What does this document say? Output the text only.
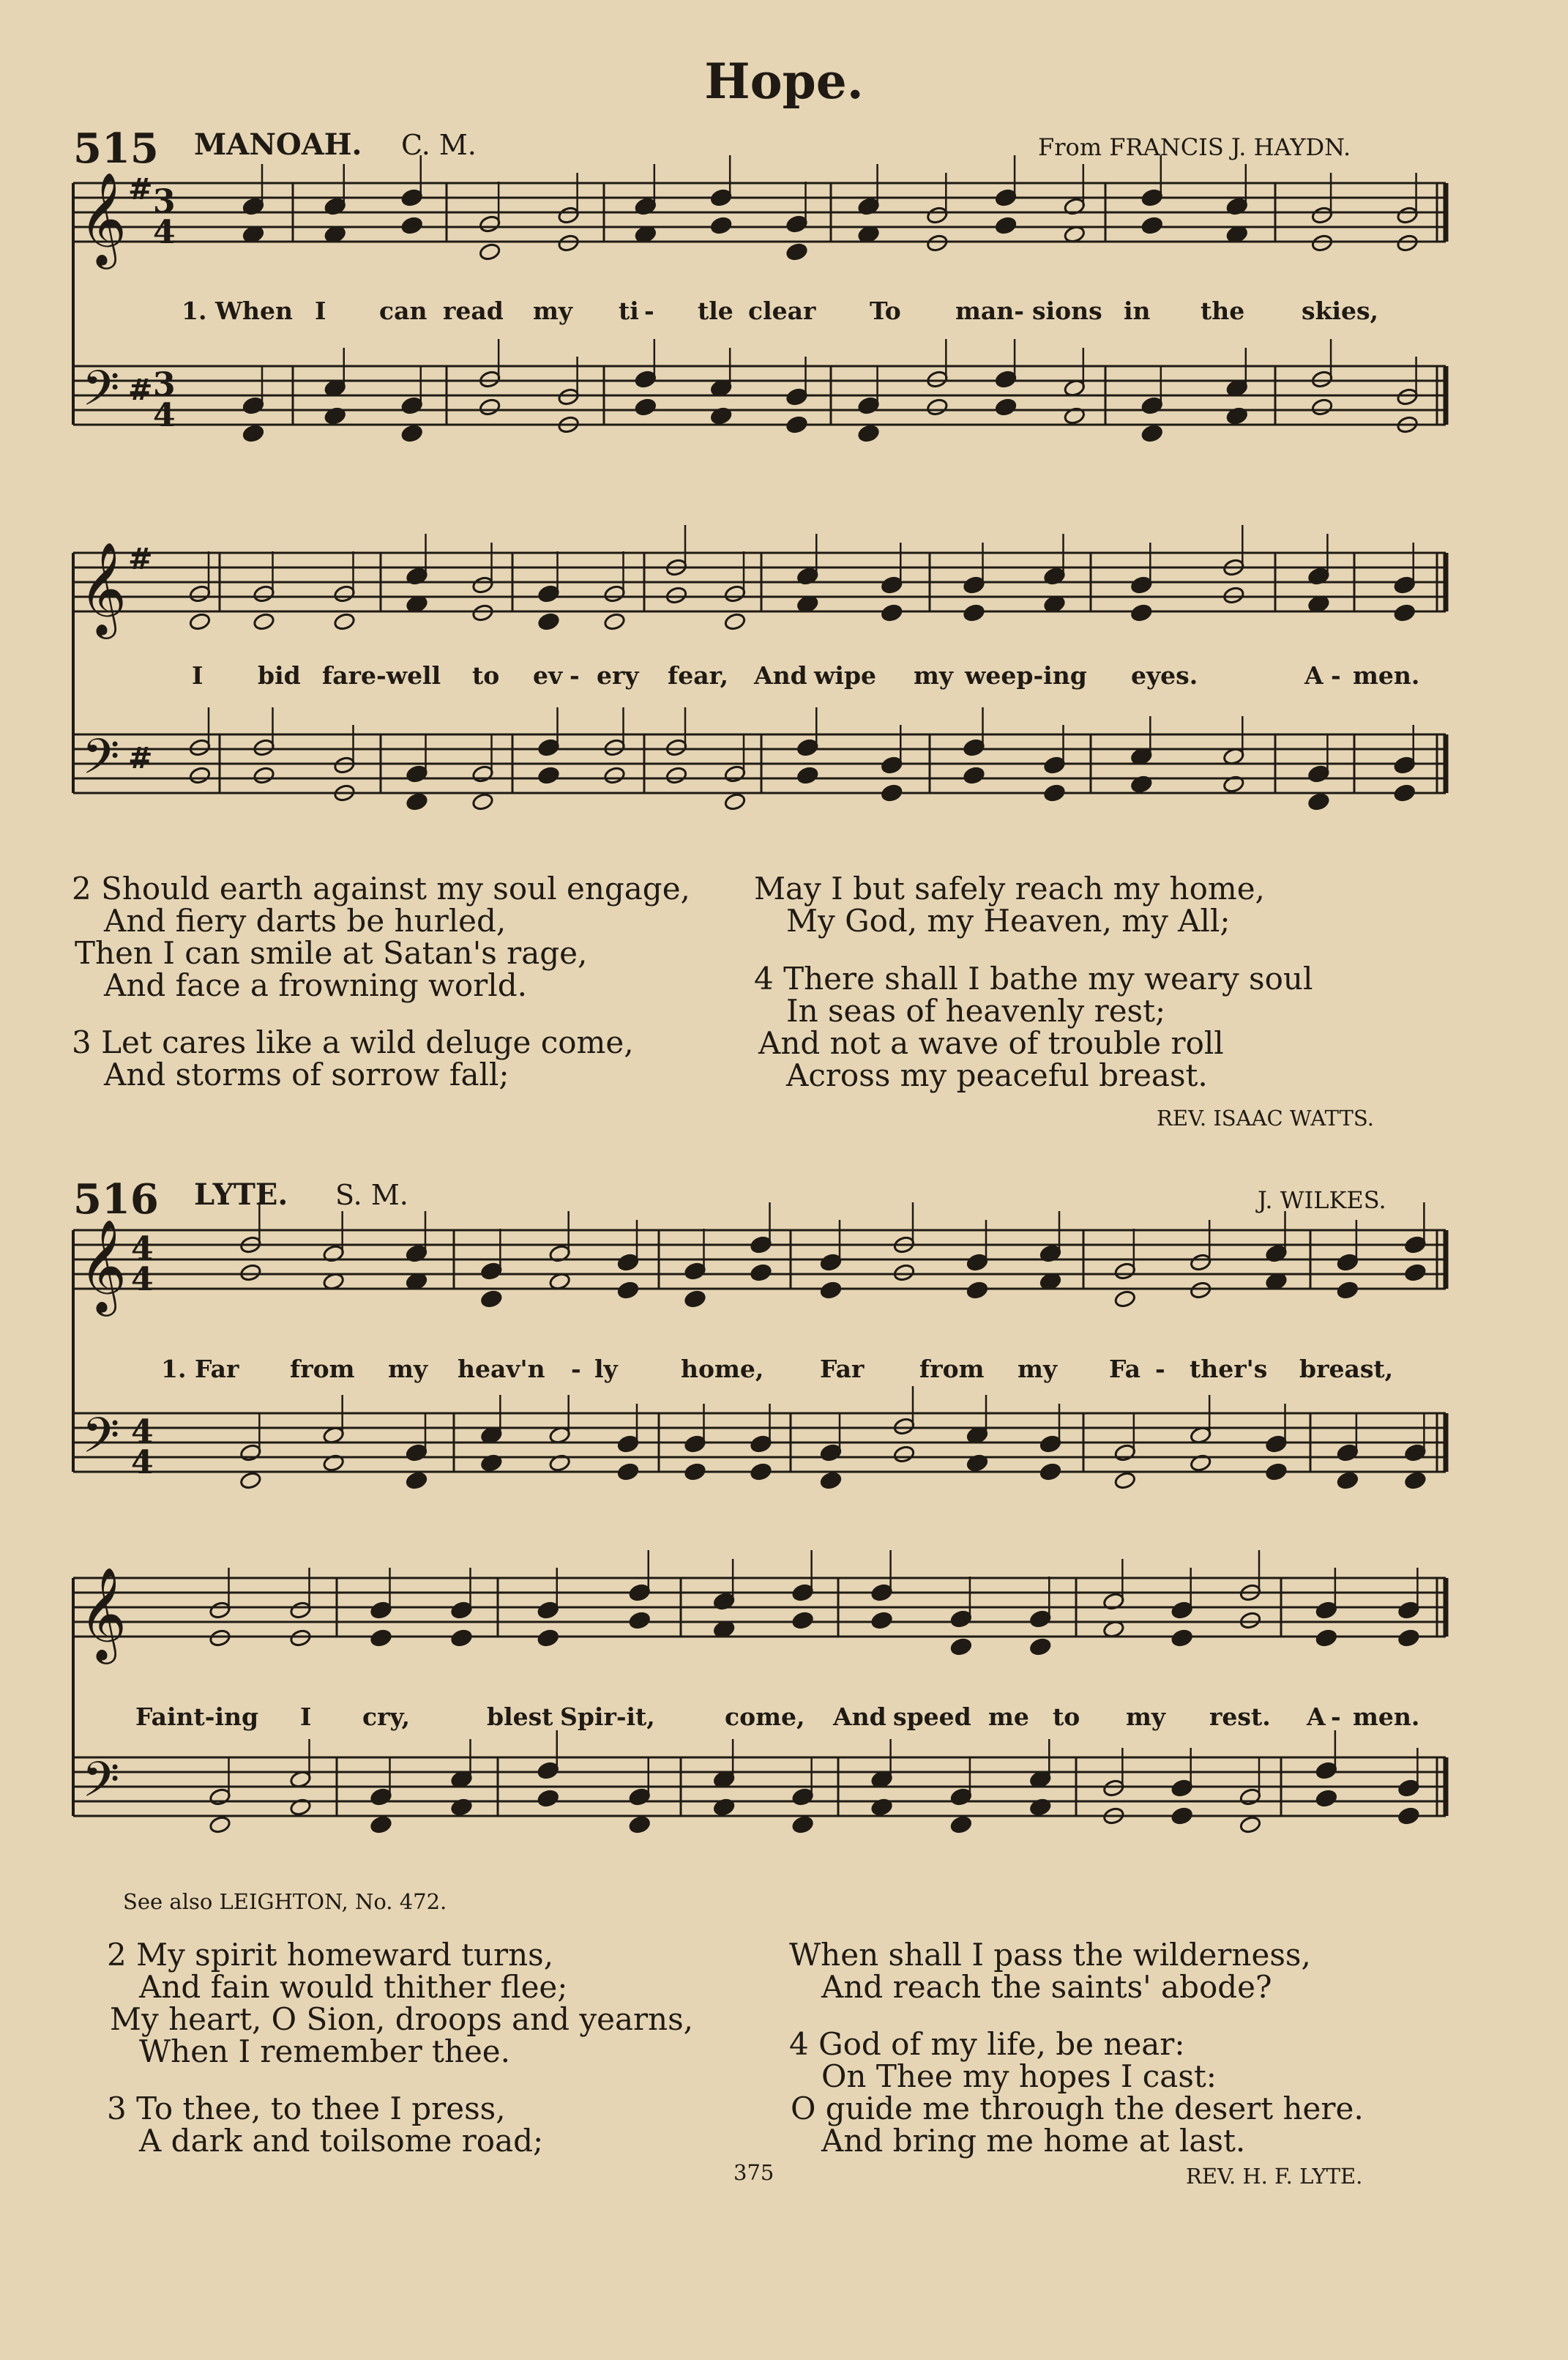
Hope.
515 MANOAH. C. M.	From FRANCIS J. HAYDN.
𝄞
𝄢
#
#
3
4
3
4
𝄞
𝄢
#
#
𝄞
𝄢
4
4
4
4
𝄞
𝄢
1. When I can read my ti - tle clear To man- sions in the skies,
I bid fare-well to ev - ery fear, And wipe my weep-ing eyes.	A - men.
2 Should earth against my soul engage,
And fiery darts be hurled,
Then I can smile at Satan's rage,
And face a frowning world.
3 Let cares like a wild deluge come,
And storms of sorrow fall;
May I but safely reach my home,
My God, my Heaven, my All;
4 There shall I bathe my weary soul
In seas of heavenly rest;
And not a wave of trouble roll
Across my peaceful breast.
REV. ISAAC WATTS.
516 LYTE. S. M.	J. WILKES.
1. Far from my heav'n - ly	home, Far from my Fa - ther's breast,
Faint-ing I cry,	blest Spir-it,	come, And speed me to my rest. A - men.
See also LEIGHTON, No. 472.
2 My spirit homeward turns,
And fain would thither flee;
My heart, O Sion, droops and yearns,
When I remember thee.
3 To thee, to thee I press,
A dark and toilsome road;
When shall I pass the wilderness,
And reach the saints' abode?
4 God of my life, be near:
On Thee my hopes I cast:
O guide me through the desert here.
And bring me home at last.
375	REV. H. F. LYTE.
